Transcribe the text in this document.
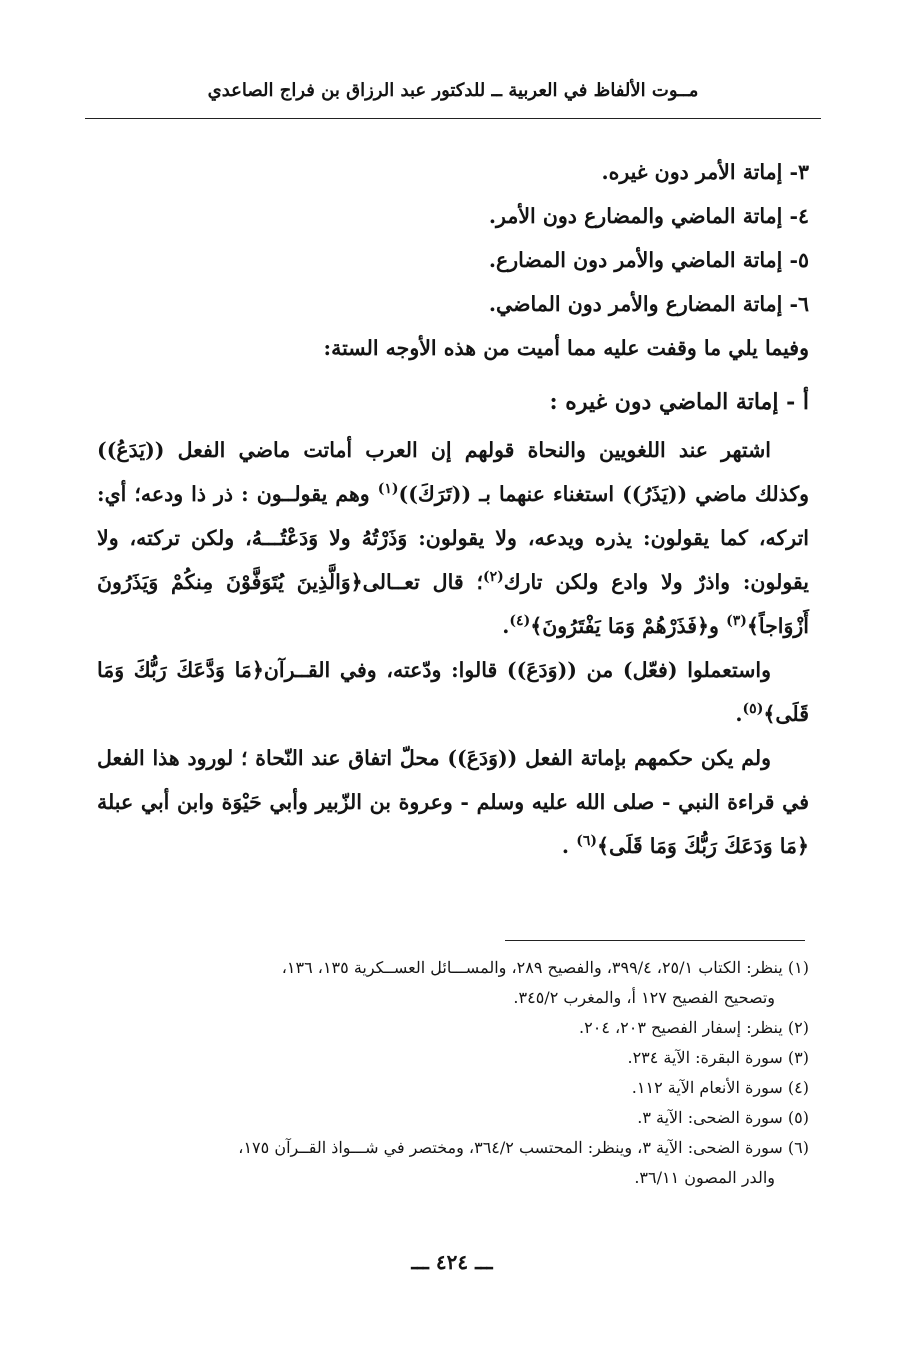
مــوت الألفاظ في العربية ــ للدكتور عبد الرزاق بن فراج الصاعدي

٣- إماتة الأمر دون غيره.

٤- إماتة الماضي والمضارع دون الأمر.

٥- إماتة الماضي والأمر دون المضارع.

٦- إماتة المضارع والأمر دون الماضي.

وفيما يلي ما وقفت عليه مما أميت من هذه الأوجه الستة:

أ - إماتة الماضي دون غيره :

اشتهر عند اللغويين والنحاة قولهم إن العرب أماتت ماضي الفعل ((يَدَعُ)) وكذلك ماضي ((يَذَرُ)) استغناء عنهما بـ ((تَرَكَ))$^{(١)}$ وهم يقولــون : ذر ذا ودعه؛ أي: اتركه، كما يقولون: يذره ويدعه، ولا يقولون: وَذَرْتُهُ ولا وَدَعْتُـــهُ، ولكن تركته، ولا يقولون: واذرٌ ولا وادع ولكن تارك$^{(٢)}$؛ قال تعــالى﴿وَالَّذِينَ يُتَوَفَّوْنَ مِنكُمْ وَيَذَرُونَ أَزْوَاجاً﴾$^{(٣)}$ و﴿فَذَرْهُمْ وَمَا يَفْتَرُونَ﴾$^{(٤)}$.

واستعملوا (فعّل) من ((وَدَعَ)) قالوا: ودّعته، وفي القــرآن﴿مَا وَدَّعَكَ رَبُّكَ وَمَا قَلَى﴾$^{(٥)}$.

ولم يكن حكمهم بإماتة الفعل ((وَدَعَ)) محلّ اتفاق عند النّحاة ؛ لورود هذا الفعل في قراءة النبي - صلى الله عليه وسلم - وعروة بن الزّبير وأبي حَيْوَة وابن أبي عبلة ﴿مَا وَدَعَكَ رَبُّكَ وَمَا قَلَى﴾$^{(٦)}$ .

(١) ينظر: الكتاب ٢٥/١، ٣٩٩/٤، والفصيح ٢٨٩، والمســـائل العســكرية ١٣٥، ١٣٦،

وتصحيح الفصيح ١٢٧ أ، والمغرب ٣٤٥/٢.

(٢) ينظر: إسفار الفصيح ٢٠٣، ٢٠٤.

(٣) سورة البقرة: الآية ٢٣٤.

(٤) سورة الأنعام الآية ١١٢.

(٥) سورة الضحى: الآية ٣.

(٦) سورة الضحى: الآية ٣، وينظر: المحتسب ٣٦٤/٢، ومختصر في شـــواذ القــرآن ١٧٥،

والدر المصون ٣٦/١١.

ـــ ٤٢٤ ـــ
